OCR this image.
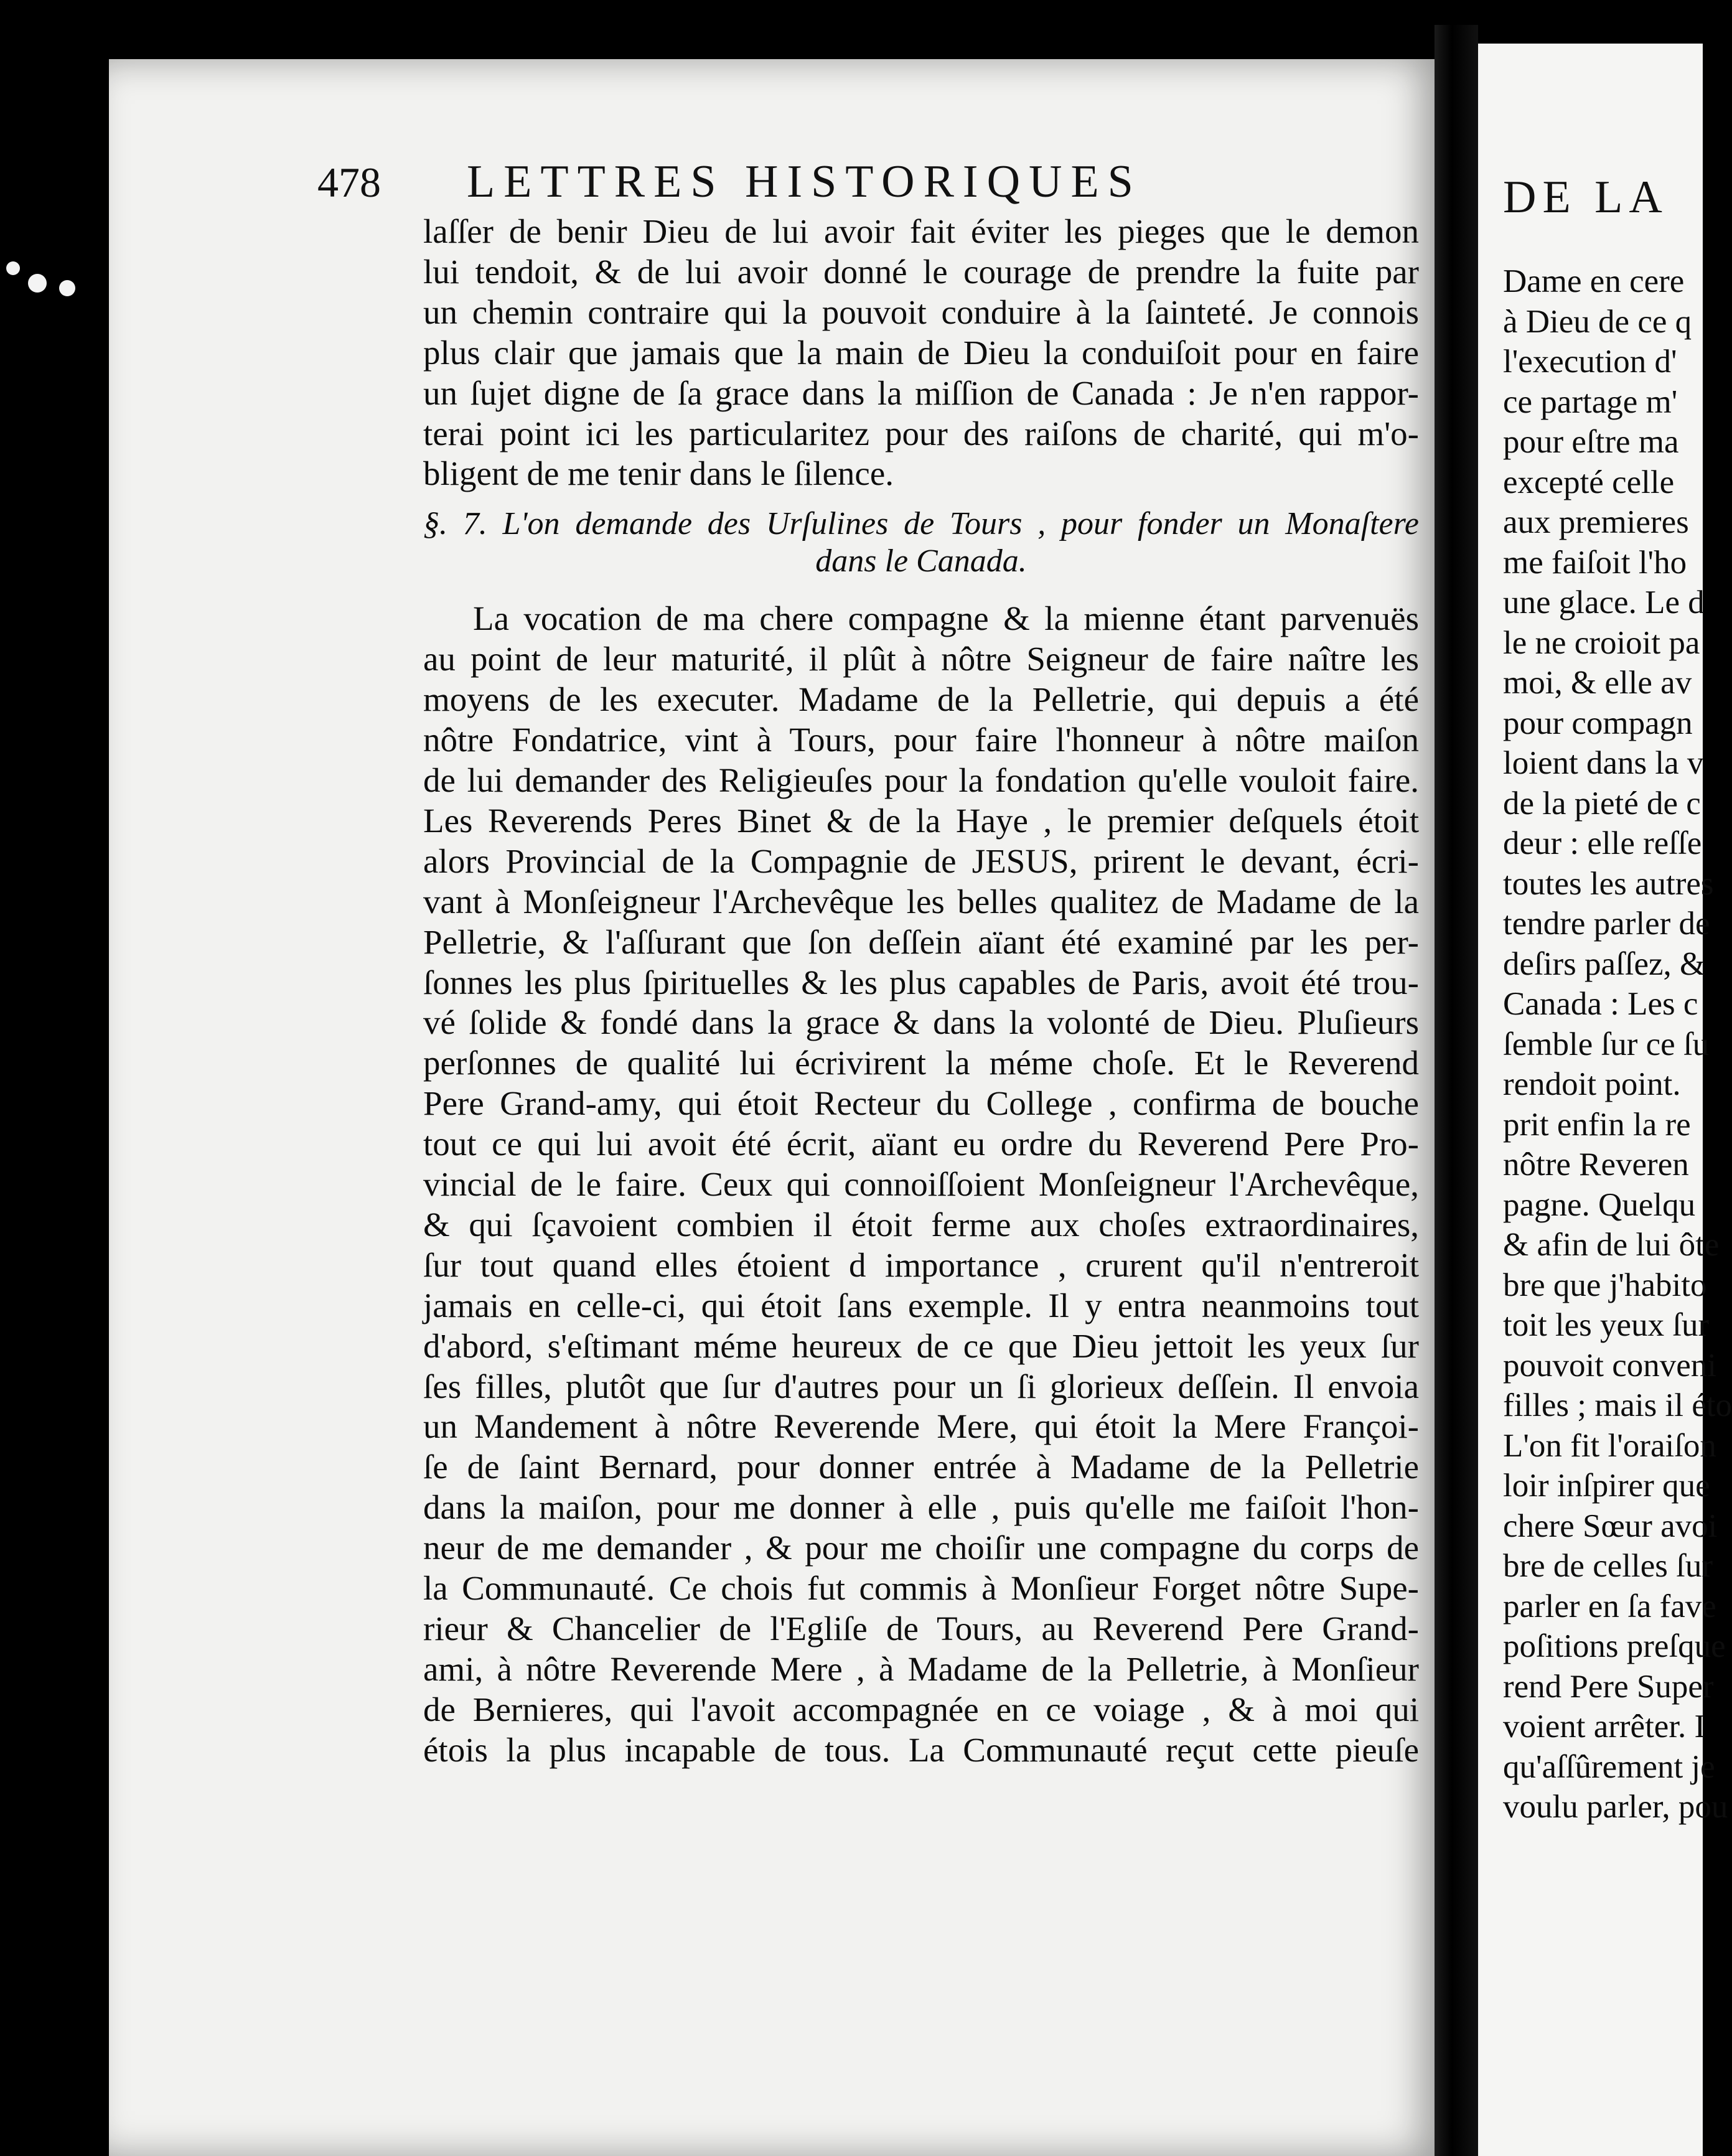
478	LETTRES HISTORIQUES
laſſer de benir Dieu de lui avoir fait éviter les pieges que le demon
lui tendoit, & de lui avoir donné le courage de prendre la fuite par
un chemin contraire qui la pouvoit conduire à la ſainteté. Je connois
plus clair que jamais que la main de Dieu la conduiſoit pour en faire
un ſujet digne de ſa grace dans la miſſion de Canada : Je n'en rappor-
terai point ici les particularitez pour des raiſons de charité, qui m'o-
bligent de me tenir dans le ſilence.
§. 7. L'on demande des Urſulines de Tours , pour fonder un Monaſtere
dans le Canada.
La vocation de ma chere compagne & la mienne étant parvenuës
au point de leur maturité, il plût à nôtre Seigneur de faire naître les
moyens de les executer. Madame de la Pelletrie, qui depuis a été
nôtre Fondatrice, vint à Tours, pour faire l'honneur à nôtre maiſon
de lui demander des Religieuſes pour la fondation qu'elle vouloit faire.
Les Reverends Peres Binet & de la Haye , le premier deſquels étoit
alors Provincial de la Compagnie de JESUS, prirent le devant, écri-
vant à Monſeigneur l'Archevêque les belles qualitez de Madame de la
Pelletrie, & l'aſſurant que ſon deſſein aïant été examiné par les per-
ſonnes les plus ſpirituelles & les plus capables de Paris, avoit été trou-
vé ſolide & fondé dans la grace & dans la volonté de Dieu. Pluſieurs
perſonnes de qualité lui écrivirent la méme choſe. Et le Reverend
Pere Grand-amy, qui étoit Recteur du College , confirma de bouche
tout ce qui lui avoit été écrit, aïant eu ordre du Reverend Pere Pro-
vincial de le faire. Ceux qui connoiſſoient Monſeigneur l'Archevêque,
& qui ſçavoient combien il étoit ferme aux choſes extraordinaires,
ſur tout quand elles étoient d importance , crurent qu'il n'entreroit
jamais en celle-ci, qui étoit ſans exemple. Il y entra neanmoins tout
d'abord, s'eſtimant méme heureux de ce que Dieu jettoit les yeux ſur
ſes filles, plutôt que ſur d'autres pour un ſi glorieux deſſein. Il envoia
un Mandement à nôtre Reverende Mere, qui étoit la Mere Françoi-
ſe de ſaint Bernard, pour donner entrée à Madame de la Pelletrie
dans la maiſon, pour me donner à elle , puis qu'elle me faiſoit l'hon-
neur de me demander , & pour me choiſir une compagne du corps de
la Communauté. Ce chois fut commis à Monſieur Forget nôtre Supe-
rieur & Chancelier de l'Egliſe de Tours, au Reverend Pere Grand-
ami, à nôtre Reverende Mere , à Madame de la Pelletrie, à Monſieur
de Bernieres, qui l'avoit accompagnée en ce voiage , & à moi qui
étois la plus incapable de tous. La Communauté reçut cette pieuſe
DE LA
Dame en cere
à Dieu de ce q
l'execution d'
ce partage m'
pour eſtre ma
excepté celle
aux premieres
me faiſoit l'ho
une glace. Le d
le ne croioit pa
moi, & elle av
pour compagn
loient dans la v
de la pieté de c
deur : elle reſſe
toutes les autres
tendre parler de
deſirs paſſez, &
Canada : Les c
ſemble ſur ce ſu
rendoit point.
prit enfin la re
nôtre Reveren
pagne. Quelqu
& afin de lui ôte
bre que j'habito
toit les yeux ſur
pouvoit conveni
filles ; mais il éto
L'on fit l'oraiſon
loir inſpirer que
chere Sœur avoi
bre de celles ſur
parler en ſa fave
poſitions preſque
rend Pere Super
voient arrêter. I
qu'aſſûrement je
voulu parler, pou
